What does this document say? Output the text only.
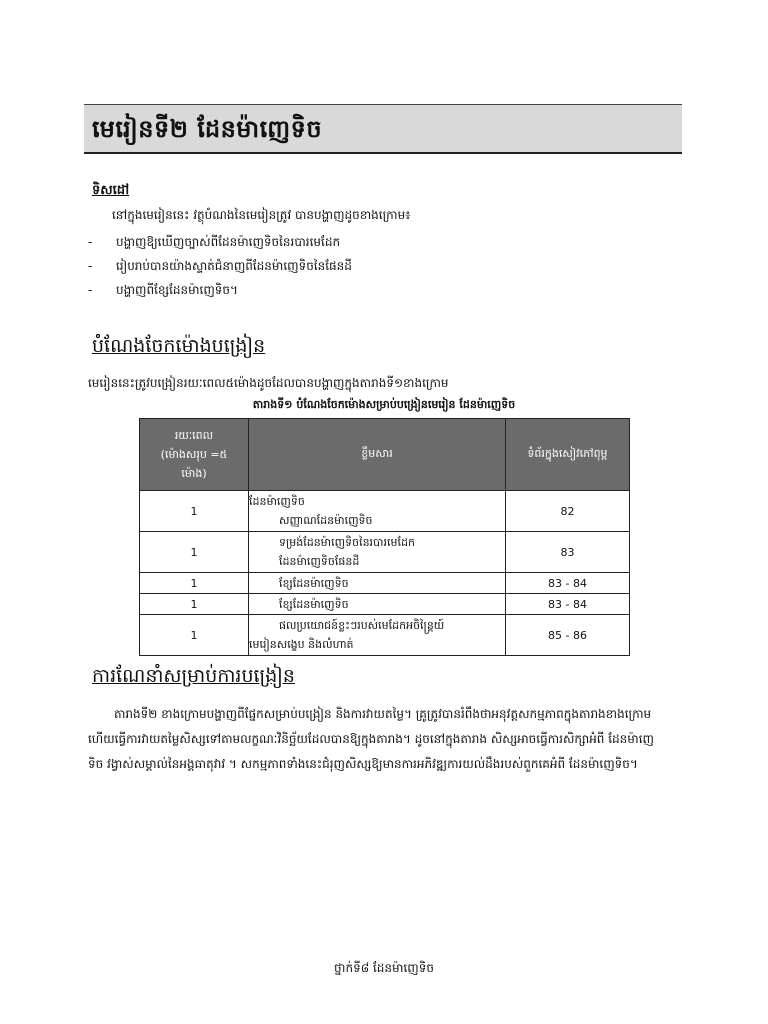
មេរៀនទី២ ដែនម៉ាញេទិច
ទិសដៅ
នៅក្នុងមេរៀននេះ វត្ថុបំណងនៃមេរៀនត្រូវ បានបង្ហាញដូចខាងក្រោម៖
- បង្ហាញឱ្យឃើញច្បាស់ពីដែនម៉ាញេទិចនៃរបារមេដែក
- រៀបរាប់បានយ៉ាងស្ទាត់ជំនាញពីដែនម៉ាញេទិចនៃផែនដី
- បង្ហាញពីខ្សែដែនម៉ាញេទិច។
បំណែងចែកម៉ោងបង្រៀន
មេរៀននេះត្រូវបង្រៀនរយៈពេល៥ម៉ោងដូចដែលបានបង្ហាញក្នុងតារាងទី១ខាងក្រោម
តារាងទី១ បំណែងចែកម៉ោងសម្រាប់បង្រៀនមេរៀន ដែនម៉ាញេទិច
រយៈពេល
(ម៉ោងសរុប =៥
ម៉ោង)	ខ្លឹមសារ	ទំព័រក្នុងសៀវភៅពុម្ព
1	ដែនម៉ាញេទិច
សញ្ញាណដែនម៉ាញេទិច	82
1	ទម្រង់ដែនម៉ាញេទិចនៃរបារមេដែក
ដែនម៉ាញេទិចផែនដី	83
1	ខ្សែដែនម៉ាញេទិច	83 - 84
1	ខ្សែដែនម៉ាញេទិច	83 - 84
1	ផលប្រយោជន៍ខ្លះៗរបស់មេដែកអចិន្ត្រៃយ៍
មេរៀនសង្ខេប និងលំហាត់	85 - 86
ការណែនាំសម្រាប់ការបង្រៀន
តារាងទី២ ខាងក្រោមបង្ហាញពីផ្នែកសម្រាប់បង្រៀន និងការវាយតម្លៃ។ គ្រូត្រូវបានរំពឹងថាអនុវត្តសកម្មភាពក្នុងតារាងខាងក្រោម
ហើយធ្វើការវាយតម្លៃសិស្សទៅតាមលក្ខណៈវិនិច្ឆ័យដែលបានឱ្យក្នុងតារាង។ ដូចនៅក្នុងតារាង សិស្សអាចធ្វើការសិក្សាអំពី ដែនម៉ាញេ
ទិច វង្វាស់សម្គាល់នៃអង្គធាតុវាវ ។ សកម្មភាពទាំងនេះជំរុញសិស្សឱ្យមានការអភិវឌ្ឍការយល់ដឹងរបស់ពួកគេអំពី ដែនម៉ាញេទិច។
ថ្នាក់ទី៨ ដែនម៉ាញេទិច
